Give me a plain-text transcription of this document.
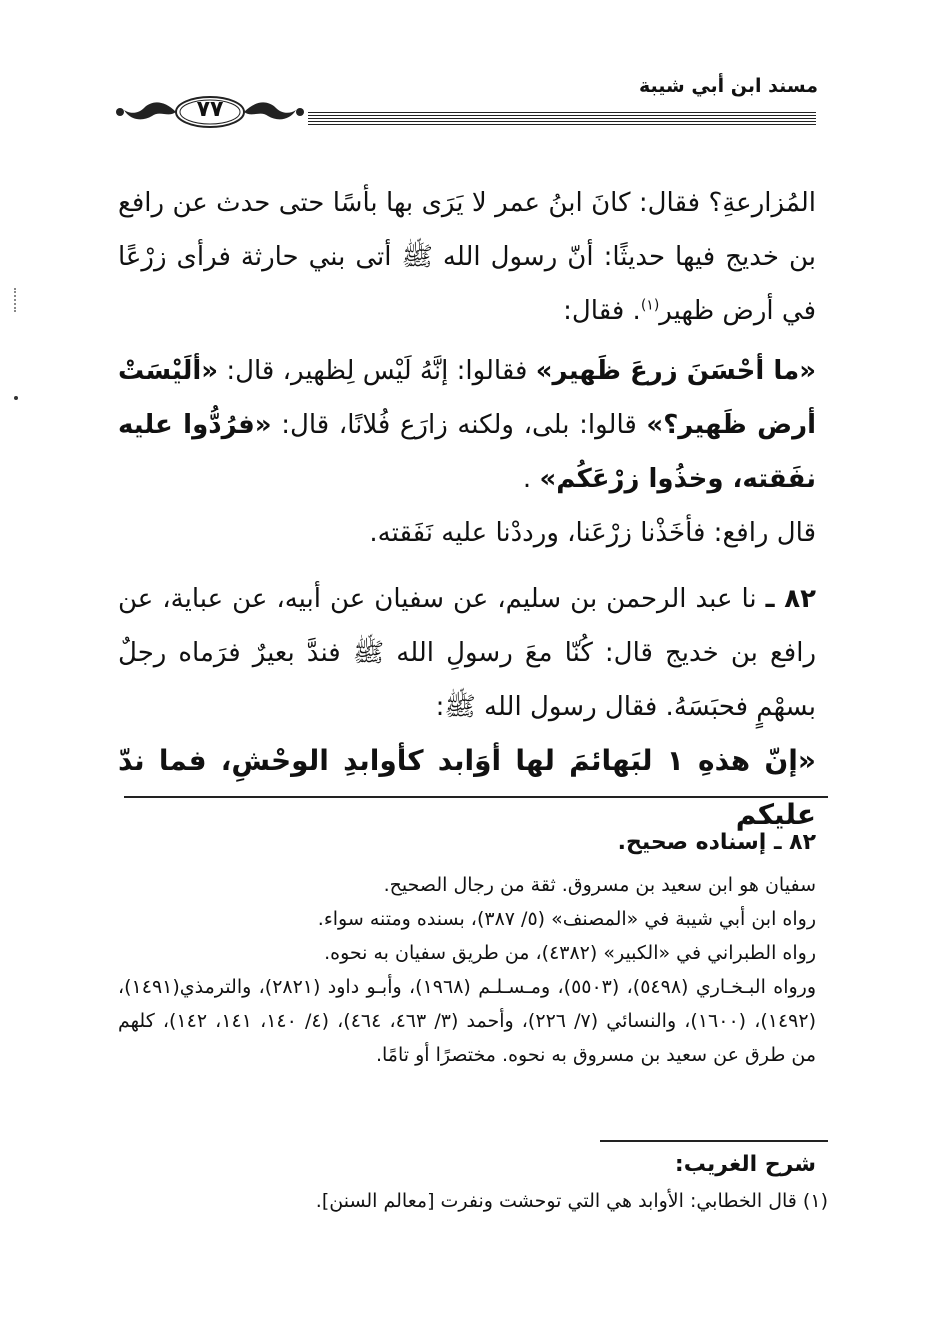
مسند ابن أبي شيبة
٧٧
المُزارعةِ؟ فقال: كانَ ابنُ عمر لا يَرَى بها بأسًا حتى حدث عن رافع بن خديج فيها حديثًا: أنّ رسول الله ﷺ أتى بني حارثة فرأى زرْعًا في أرض ظهير$^{(١)}$. فقال:
«ما أحْسَنَ زرعَ ظَهير» فقالوا: إنَّهُ لَيْس لِظهير، قال: «ألَيْسَتْ أرض ظَهير؟» قالوا: بلى، ولكنه زارَع فُلانًا، قال: «فرُدُّوا عليه نفَقته، وخذُوا زرْعَكُم» .
قال رافع: فأخَذْنا زرْعَنا، ورددْنا عليه نَفَقته.
٨٢ ـ نا عبد الرحمن بن سليم، عن سفيان عن أبيه، عن عباية، عن رافع بن خديج قال: كُنّا معَ رسولِ الله ﷺ فندَّ بعيرٌ فرَماه رجلٌ بسهْمٍ فحبَسَهُ. فقال رسول الله ﷺ:
«إنّ هذهِ ١ لبَهائمَ لها أوَابد كأوابدِ الوحْشِ، فما ندّ عليكم
٨٢ ـ إسناده صحيح.
سفيان هو ابن سعيد بن مسروق. ثقة من رجال الصحيح.
رواه ابن أبي شيبة في «المصنف» (٥/ ٣٨٧)، بسنده ومتنه سواء.
رواه الطبراني في «الكبير» (٤٣٨٢)، من طريق سفيان به نحوه.
ورواه البـخـاري (٥٤٩٨)، (٥٥٠٣)، ومـسـلـم (١٩٦٨)، وأبـو داود (٢٨٢١)، والترمذي(١٤٩١)، (١٤٩٢)، (١٦٠٠)، والنسائي (٧/ ٢٢٦)، وأحمد (٣/ ٤٦٣، ٤٦٤)، (٤/ ١٤٠، ١٤١، ١٤٢)، كلهم من طرق عن سعيد بن مسروق به نحوه. مختصرًا أو تامًا.
شرح الغريب:
(١) قال الخطابي: الأوابد هي التي توحشت ونفرت [معالم السنن].
